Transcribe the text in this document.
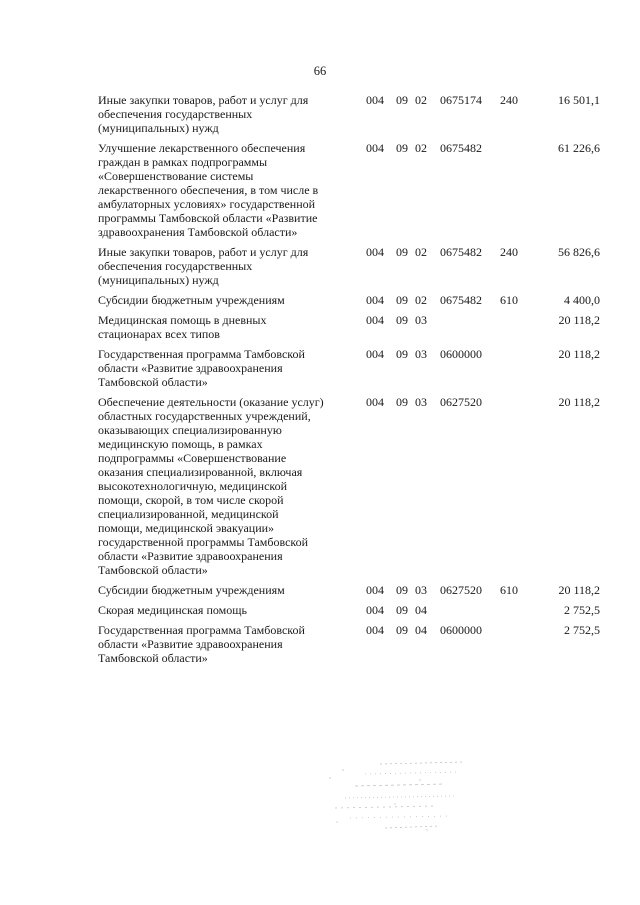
66
Иные закупки товаров, работ и услуг для
обеспечения государственных
(муниципальных) нужд
004 09 02 0675174 240	16 501,1
Улучшение лекарственного обеспечения
граждан в рамках подпрограммы
«Совершенствование системы
лекарственного обеспечения, в том числе в
амбулаторных условиях» государственной
программы Тамбовской области «Развитие
здравоохранения Тамбовской области»
004 09 02 0675482	61 226,6
Иные закупки товаров, работ и услуг для
обеспечения государственных
(муниципальных) нужд
004 09 02 0675482 240	56 826,6
Субсидии бюджетным учреждениям	004 09 02 0675482 610	4 400,0
Медицинская помощь в дневных
стационарах всех типов
004 09 03	20 118,2
Государственная программа Тамбовской
области «Развитие здравоохранения
Тамбовской области»
004 09 03 0600000	20 118,2
Обеспечение деятельности (оказание услуг)
областных государственных учреждений,
оказывающих специализированную
медицинскую помощь, в рамках
подпрограммы «Совершенствование
оказания специализированной, включая
высокотехнологичную, медицинской
помощи, скорой, в том числе скорой
специализированной, медицинской
помощи, медицинской эвакуации»
государственной программы Тамбовской
области «Развитие здравоохранения
Тамбовской области»
004 09 03 0627520	20 118,2
Субсидии бюджетным учреждениям	004 09 03 0627520 610	20 118,2
Скорая медицинская помощь	004 09 04	2 752,5
Государственная программа Тамбовской
области «Развитие здравоохранения
Тамбовской области»
004 09 04 0600000	2 752,5
